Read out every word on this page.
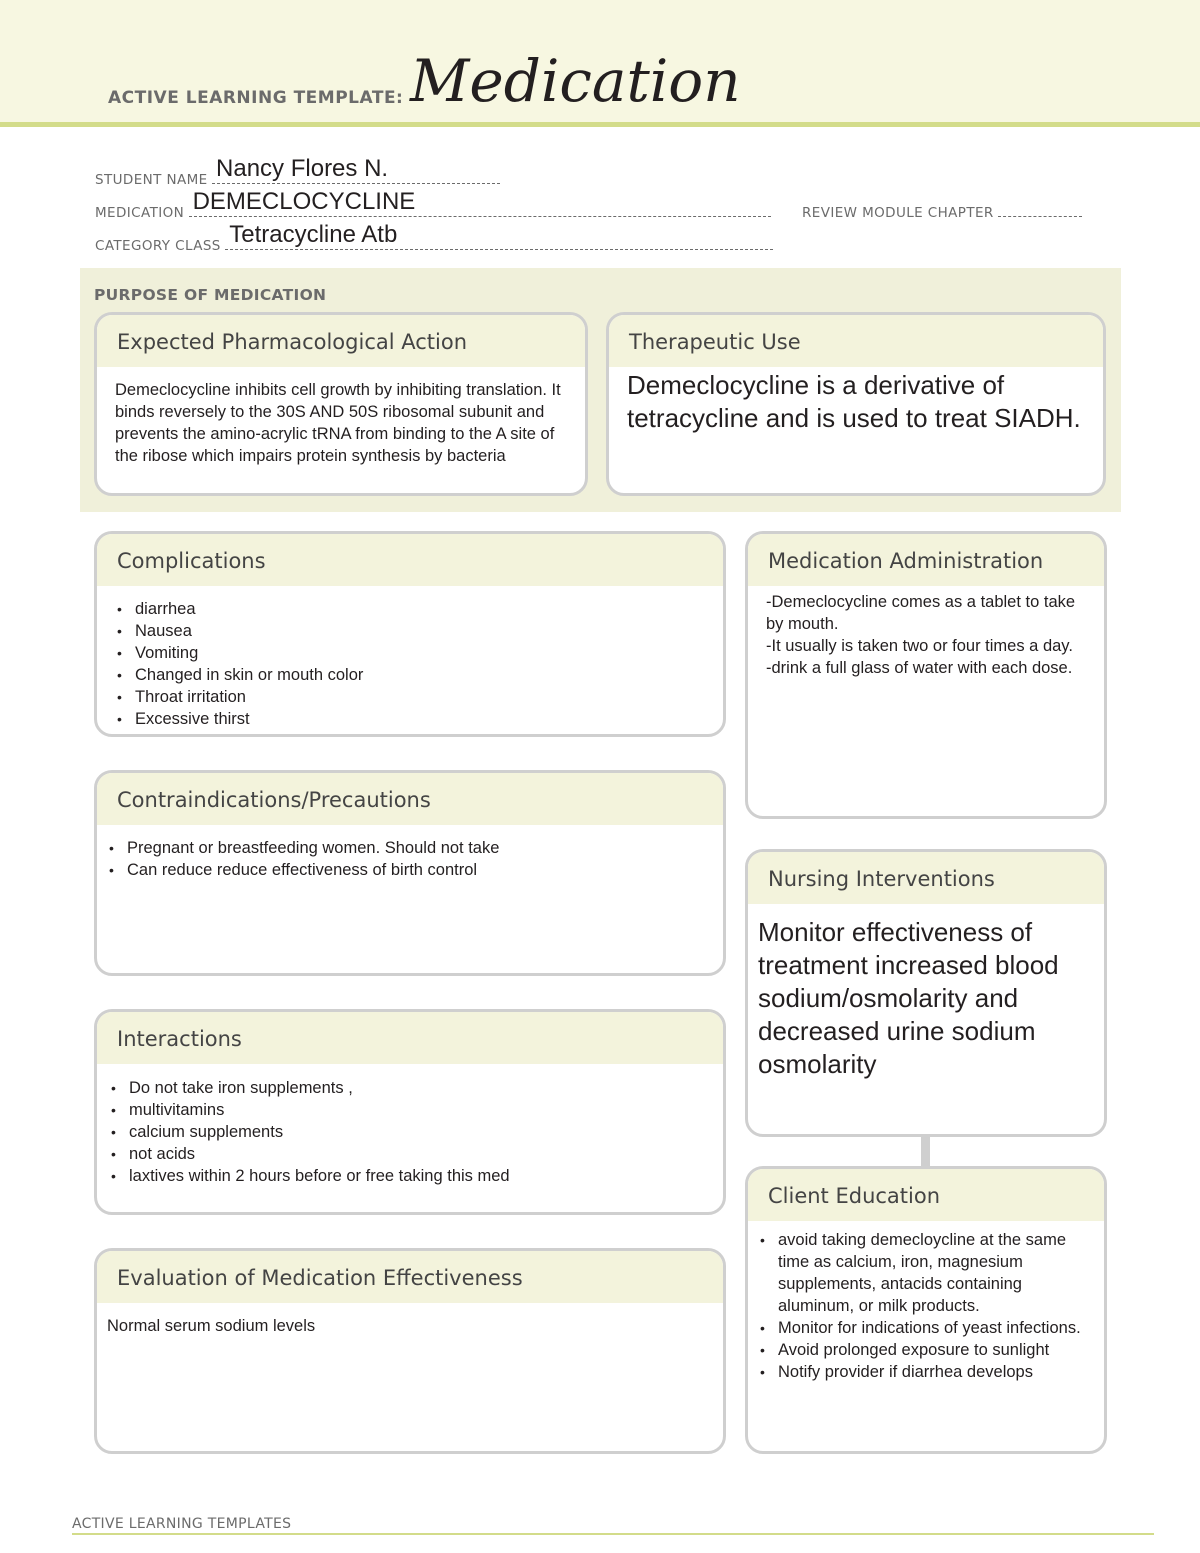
ACTIVE LEARNING TEMPLATE: Medication
STUDENT NAME Nancy Flores N.
MEDICATION DEMECLOCYCLINE	REVIEW MODULE CHAPTER
CATEGORY CLASS Tetracycline Atb
PURPOSE OF MEDICATION
Expected Pharmacological Action
Demeclocycline inhibits cell growth by inhibiting translation. It binds reversely to the 30S AND 50S ribosomal subunit and prevents the amino-acrylic tRNA from binding to the A site of the ribose which impairs protein synthesis by bacteria
Therapeutic Use
Demeclocycline is a derivative of tetracycline and is used to treat SIADH.
Complications
• diarrhea
• Nausea
• Vomiting
• Changed in skin or mouth color
• Throat irritation
• Excessive thirst
Contraindications/Precautions
• Pregnant or breastfeeding women. Should not take
• Can reduce reduce effectiveness of birth control
Interactions
• Do not take iron supplements ,
• multivitamins
• calcium supplements
• not acids
• laxtives within 2 hours before or free taking this med
Evaluation of Medication Effectiveness
Normal serum sodium levels
Medication Administration
-Demeclocycline comes as a tablet to take by mouth.
-It usually is taken two or four times a day.
-drink a full glass of water with each dose.
Nursing Interventions
Monitor effectiveness of treatment increased blood sodium/osmolarity and decreased urine sodium osmolarity
Client Education
• avoid taking demecloycline at the same time as calcium, iron, magnesium supplements, antacids containing aluminum, or milk products.
• Monitor for indications of yeast infections.
• Avoid prolonged exposure to sunlight
• Notify provider if diarrhea develops
ACTIVE LEARNING TEMPLATES
